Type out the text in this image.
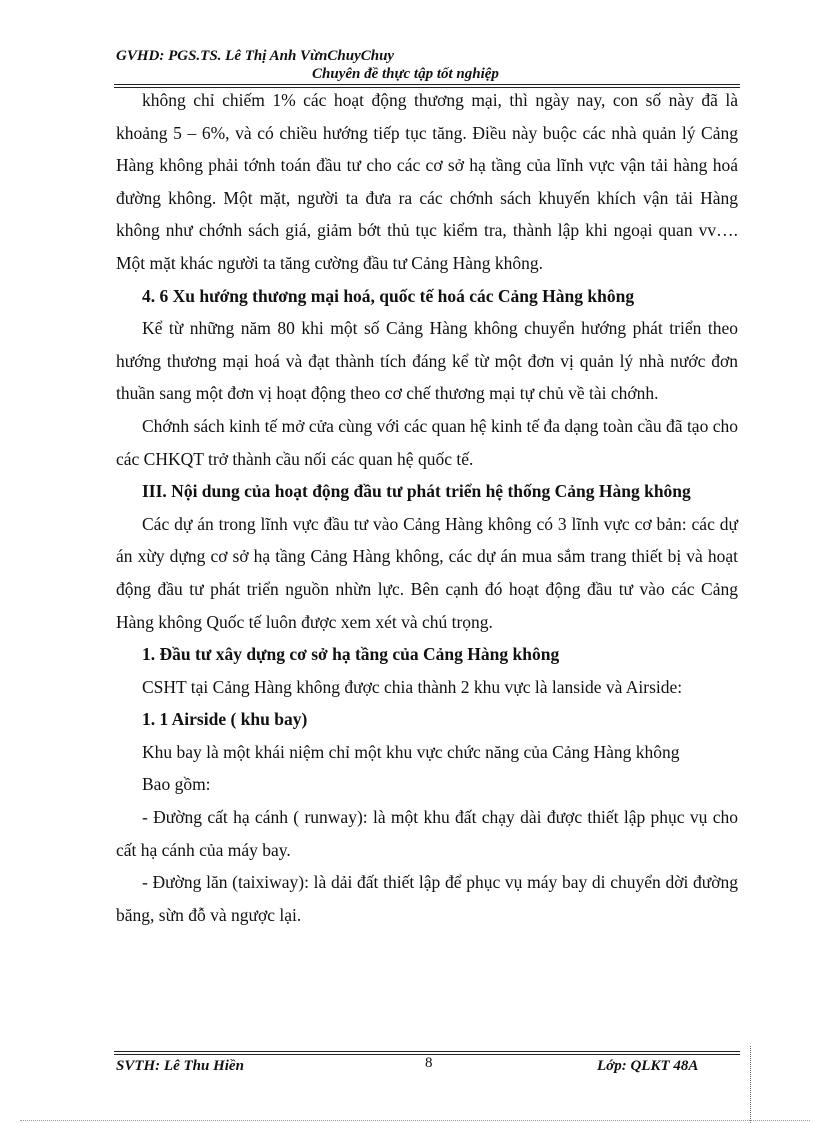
GVHD: PGS.TS. Lê Thị Anh VừnChuyChuy
Chuyên đề thực tập tốt nghiệp

không chỉ chiếm 1% các hoạt động thương mại, thì ngày nay, con số này đã là khoảng 5 – 6%, và có chiều hướng tiếp tục tăng. Điều này buộc các nhà quản lý Cảng Hàng không phải tớnh toán đầu tư cho các cơ sở hạ tầng của lĩnh vực vận tải hàng hoá đường không. Một mặt, người ta đưa ra các chớnh sách khuyến khích vận tải Hàng không như chớnh sách giá, giảm bớt thủ tục kiểm tra, thành lập khi ngoại quan vv…. Một mặt khác người ta tăng cường đầu tư Cảng Hàng không.

4. 6 Xu hướng thương mại hoá, quốc tế hoá các Cảng Hàng không

Kể từ những năm 80 khi một số Cảng Hàng không chuyển hướng phát triển theo hướng thương mại hoá và đạt thành tích đáng kể từ một đơn vị quản lý nhà nước đơn thuần sang một đơn vị hoạt động theo cơ chế thương mại tự chủ về tài chớnh.

Chớnh sách kinh tế mở cửa cùng với các quan hệ kinh tế đa dạng toàn cầu đã tạo cho các CHKQT trở thành cầu nối các quan hệ quốc tế.

III. Nội dung của hoạt động đầu tư phát triển hệ thống Cảng Hàng không

Các dự án trong lĩnh vực đầu tư vào Cảng Hàng không có 3 lĩnh vực cơ bản: các dự án xừy dựng cơ sở hạ tầng Cảng Hàng không, các dự án mua sắm trang thiết bị và hoạt động đầu tư phát triển nguồn nhừn lực. Bên cạnh đó hoạt động đầu tư vào các Cảng Hàng không Quốc tế luôn được xem xét và chú trọng.

1. Đầu tư xây dựng cơ sở hạ tầng của Cảng Hàng không

CSHT tại Cảng Hàng không được chia thành 2 khu vực là lanside và Airside:

1. 1 Airside ( khu bay)

Khu bay là một khái niệm chỉ một khu vực chức năng của Cảng Hàng không

Bao gồm:

- Đường cất hạ cánh ( runway): là một khu đất chạy dài được thiết lập phục vụ cho cất hạ cánh của máy bay.

- Đường lăn (taixiway): là dải đất thiết lập để phục vụ máy bay di chuyển dời đường băng, sừn đỗ và ngược lại.

SVTH: Lê Thu Hiền	8	Lớp: QLKT 48A
